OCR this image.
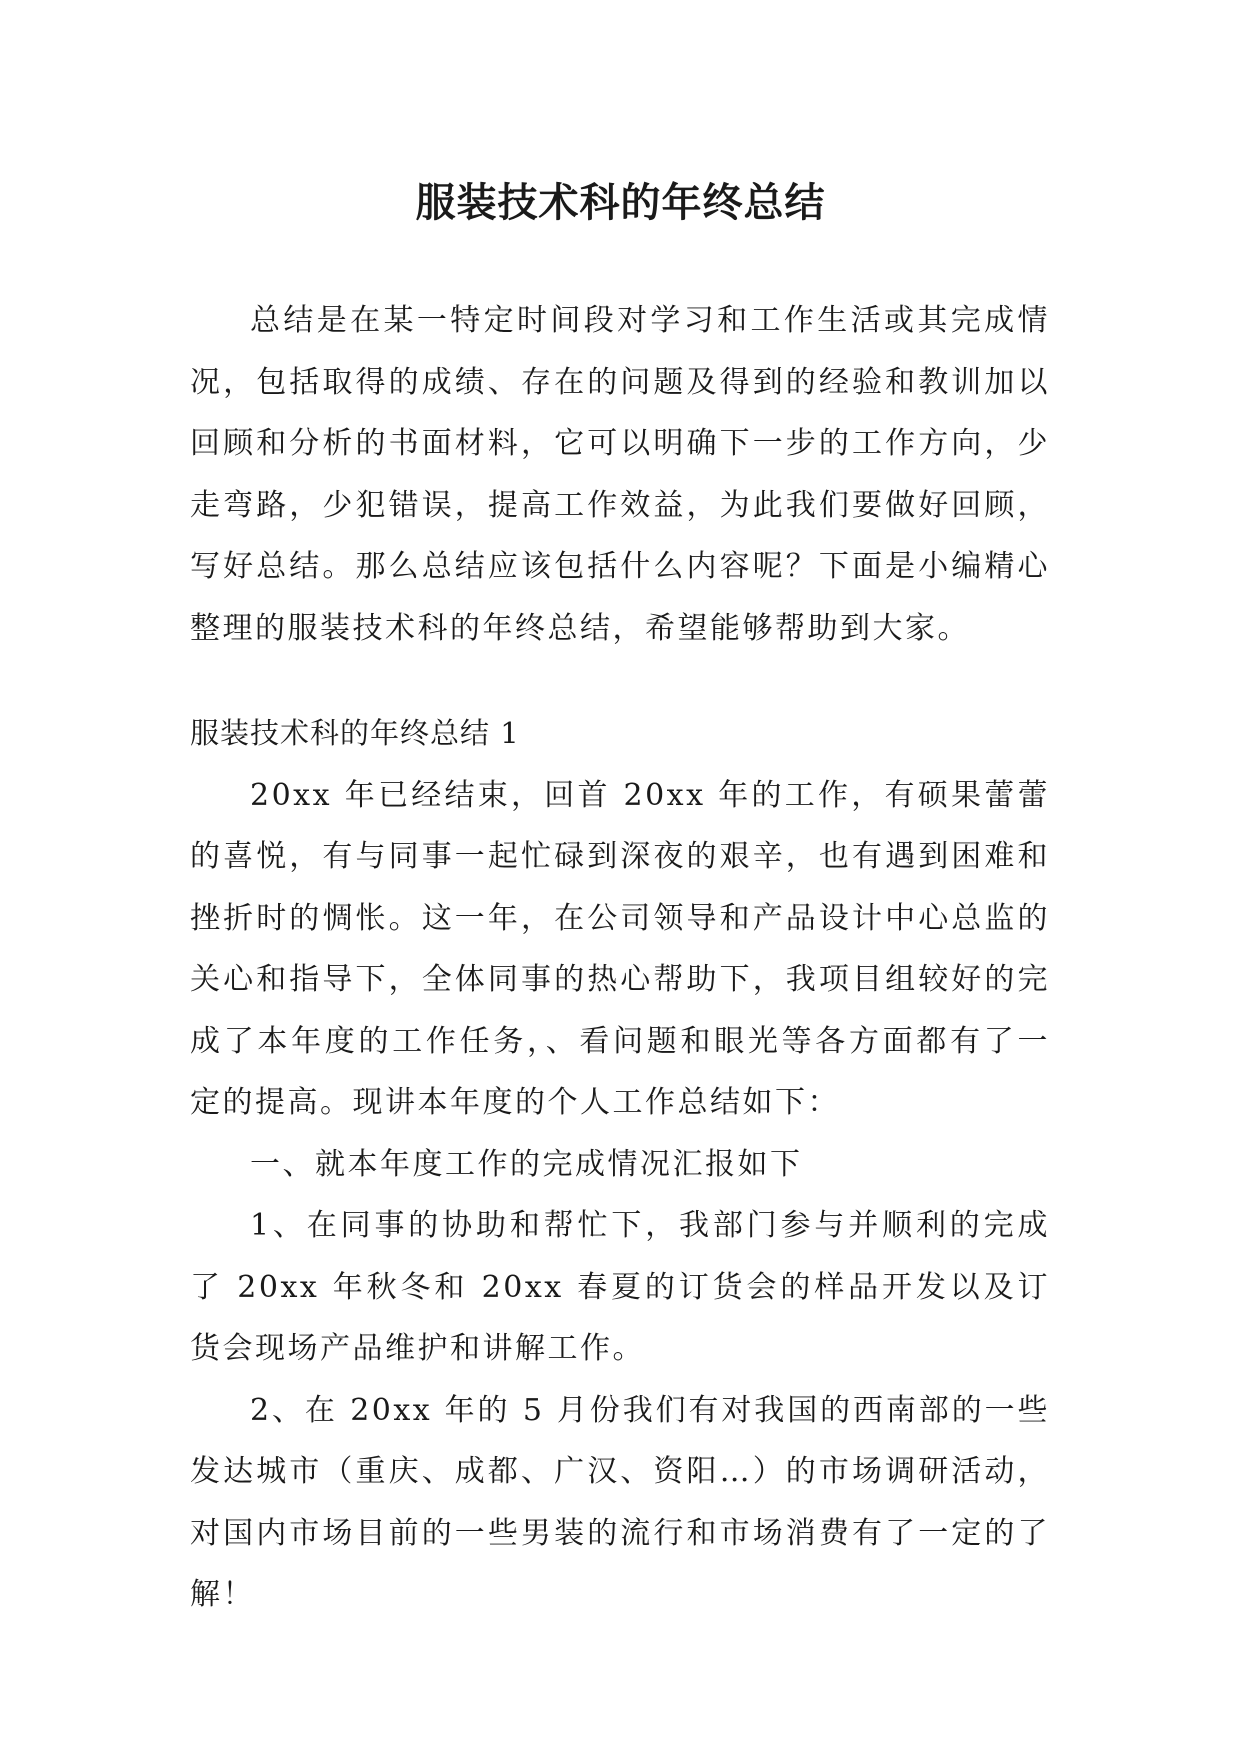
服装技术科的年终总结

总结是在某一特定时间段对学习和工作生活或其完成情况，包括取得的成绩、存在的问题及得到的经验和教训加以回顾和分析的书面材料，它可以明确下一步的工作方向，少走弯路，少犯错误，提高工作效益，为此我们要做好回顾，写好总结。那么总结应该包括什么内容呢？下面是小编精心整理的服装技术科的年终总结，希望能够帮助到大家。

服装技术科的年终总结 1

20xx 年已经结束，回首 20xx 年的工作，有硕果蕾蕾的喜悦，有与同事一起忙碌到深夜的艰辛，也有遇到困难和挫折时的惆怅。这一年，在公司领导和产品设计中心总监的关心和指导下，全体同事的热心帮助下，我项目组较好的完成了本年度的工作任务，、看问题和眼光等各方面都有了一定的提高。现讲本年度的个人工作总结如下：

一、就本年度工作的完成情况汇报如下

1、在同事的协助和帮忙下，我部门参与并顺利的完成了 20xx 年秋冬和 20xx 春夏的订货会的样品开发以及订货会现场产品维护和讲解工作。

2、在 20xx 年的 5 月份我们有对我国的西南部的一些发达城市（重庆、成都、广汉、资阳…）的市场调研活动，对国内市场目前的一些男装的流行和市场消费有了一定的了解！
